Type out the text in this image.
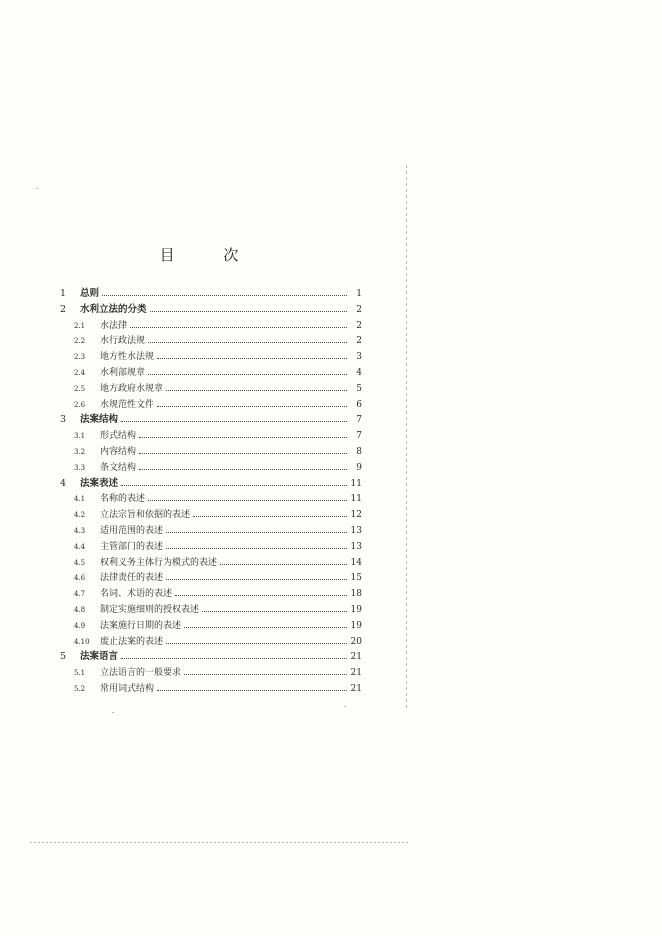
目 次
1	总则	1
2	水利立法的分类	2
2.1	水法律	2
2.2	水行政法规	2
2.3	地方性水法规	3
2.4	水利部规章	4
2.5	地方政府水规章	5
2.6	水规范性文件	6
3	法案结构	7
3.1	形式结构	7
3.2	内容结构	8
3.3	条文结构	9
4	法案表述	11
4.1	名称的表述	11
4.2	立法宗旨和依据的表述	12
4.3	适用范围的表述	13
4.4	主管部门的表述	13
4.5	权利义务主体行为模式的表述	14
4.6	法律责任的表述	15
4.7	名词、术语的表述	18
4.8	制定实施细则的授权表述	19
4.9	法案施行日期的表述	19
4.10	废止法案的表述	20
5	法案语言	21
5.1	立法语言的一般要求	21
5.2	常用词式结构	21
